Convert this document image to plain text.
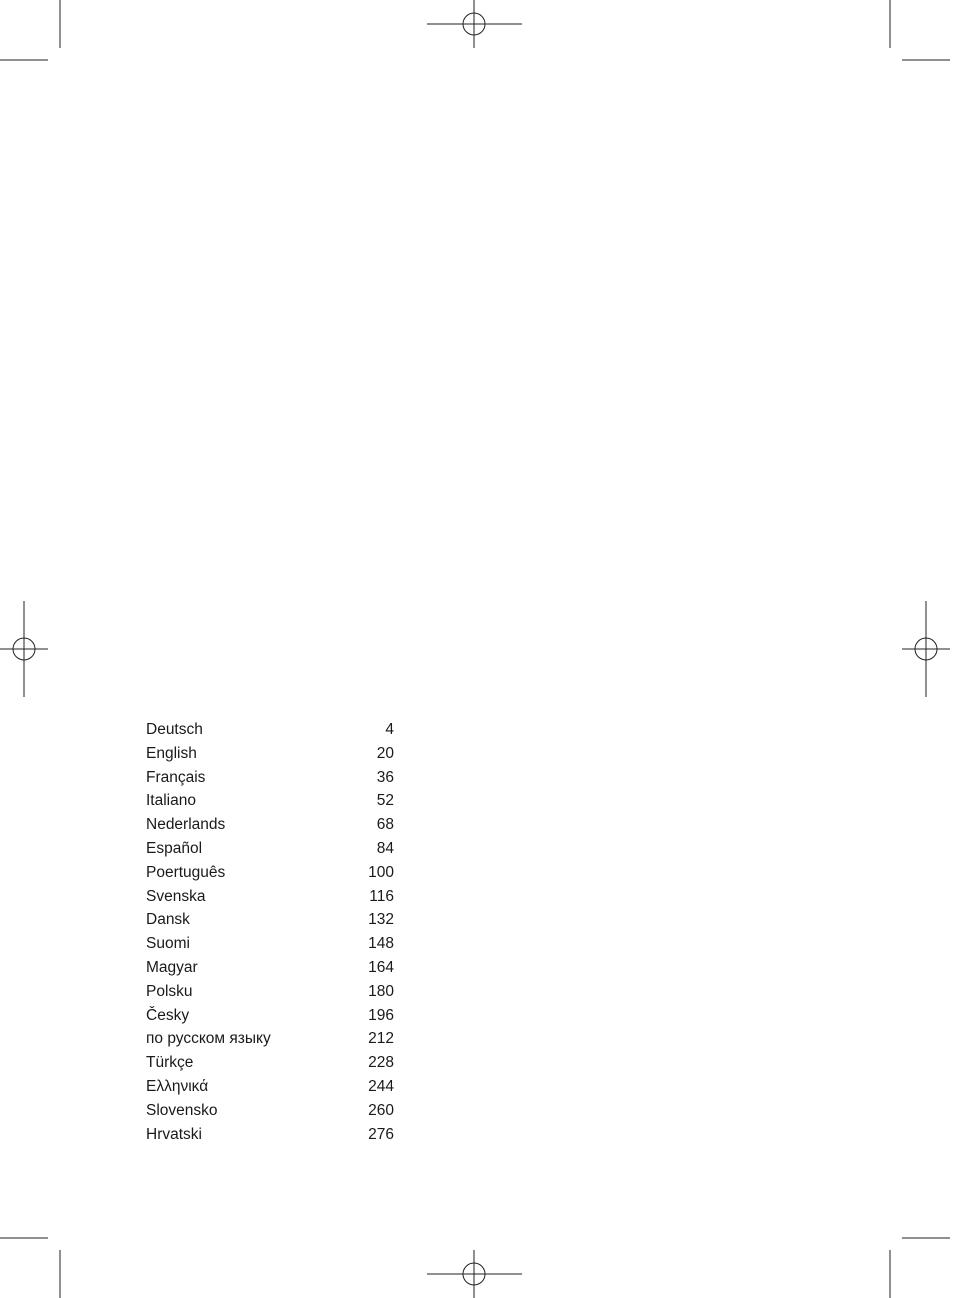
Deutsch	4
English	20
Français	36
Italiano	52
Nederlands	68
Español	84
Poertuguês	100
Svenska	116
Dansk	132
Suomi	148
Magyar	164
Polsku	180
Česky	196
по русском языку	212
Türkçe	228
Ελληνικά	244
Slovensko	260
Hrvatski	276
